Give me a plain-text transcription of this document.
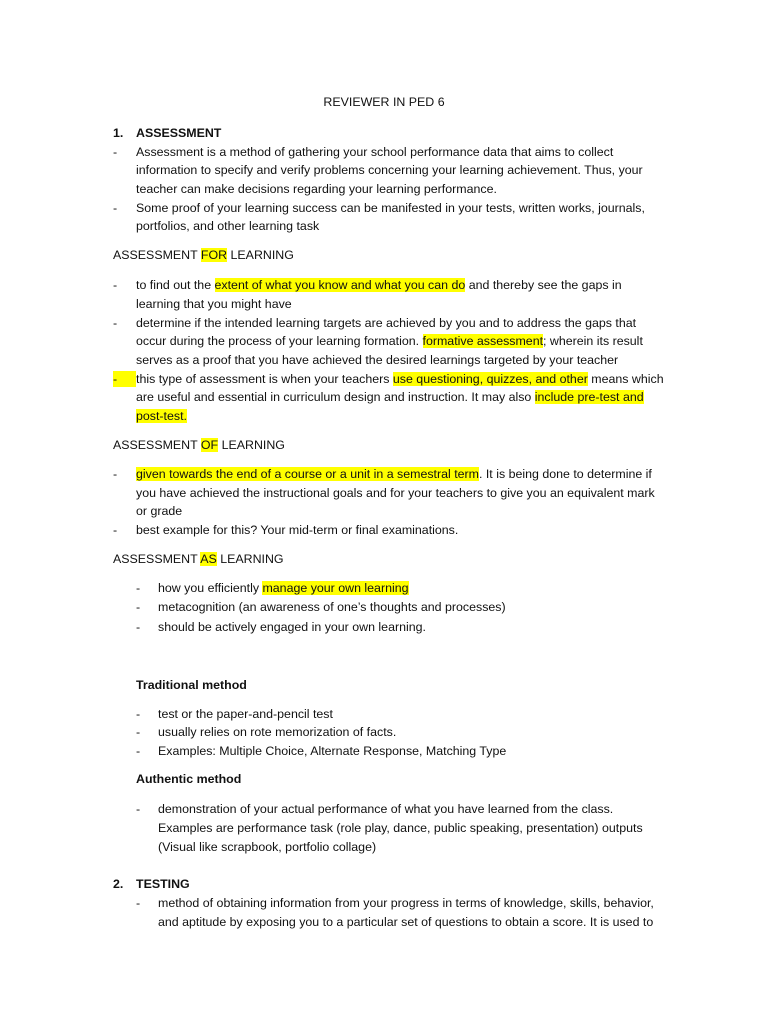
REVIEWER IN PED 6
1. ASSESSMENT
- Assessment is a method of gathering your school performance data that aims to collect
information to specify and verify problems concerning your learning achievement. Thus, your
teacher can make decisions regarding your learning performance.
- Some proof of your learning success can be manifested in your tests, written works, journals,
portfolios, and other learning task
ASSESSMENT FOR LEARNING
- to find out the extent of what you know and what you can do and thereby see the gaps in
learning that you might have
- determine if the intended learning targets are achieved by you and to address the gaps that
occur during the process of your learning formation. formative assessment; wherein its result
serves as a proof that you have achieved the desired learnings targeted by your teacher
-	this type of assessment is when your teachers use questioning, quizzes, and other means which
are useful and essential in curriculum design and instruction. It may also include pre-test and
post-test.
ASSESSMENT OF LEARNING
- given towards the end of a course or a unit in a semestral term. It is being done to determine if
you have achieved the instructional goals and for your teachers to give you an equivalent mark
or grade
- best example for this? Your mid-term or final examinations.
ASSESSMENT AS LEARNING
- how you efficiently manage your own learning
- metacognition (an awareness of one’s thoughts and processes)
- should be actively engaged in your own learning.
Traditional method
- test or the paper-and-pencil test
- usually relies on rote memorization of facts.
- Examples: Multiple Choice, Alternate Response, Matching Type
Authentic method
- demonstration of your actual performance of what you have learned from the class.
Examples are performance task (role play, dance, public speaking, presentation) outputs
(Visual like scrapbook, portfolio collage)
2. TESTING
- method of obtaining information from your progress in terms of knowledge, skills, behavior,
and aptitude by exposing you to a particular set of questions to obtain a score. It is used to
